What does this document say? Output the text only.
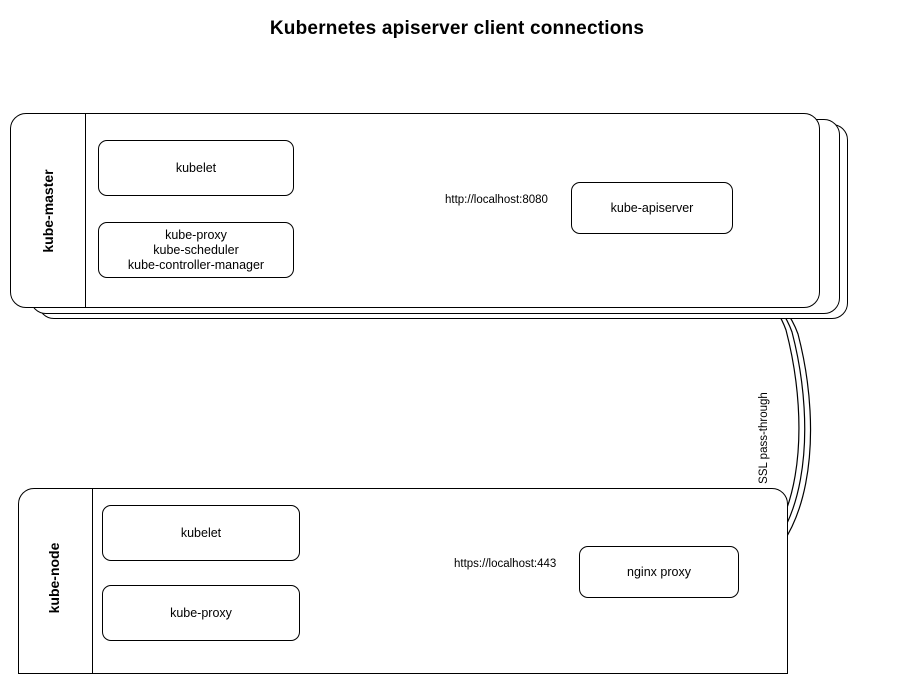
Kubernetes apiserver client connections
kube-master
kubelet
kube-proxy
kube-scheduler
kube-controller-manager
kube-apiserver
http://localhost:8080
kube-node
kubelet
kube-proxy
nginx proxy
https://localhost:443
SSL pass-through
